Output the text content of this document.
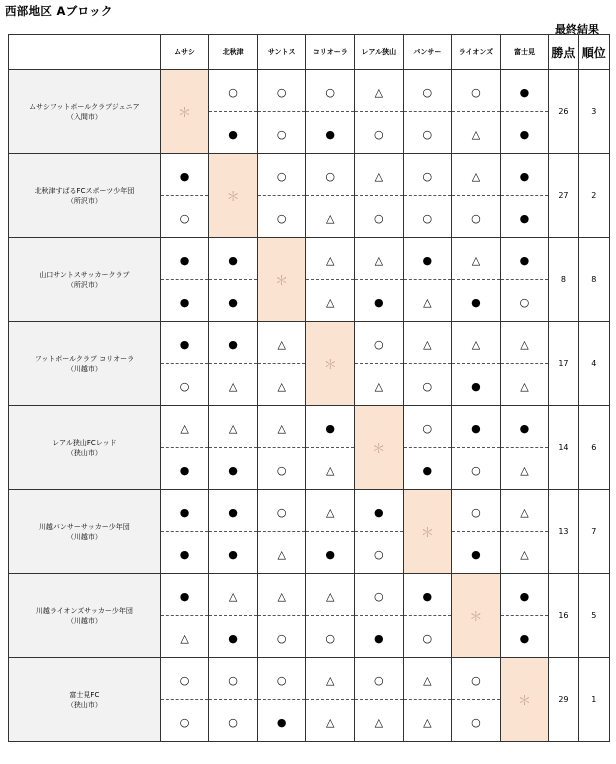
西部地区 Aブロック
最終結果
	ムサシ	北秋津	サントス	コリオーラ	レアル狭山	バンサー	ライオンズ	富士見	勝点	順位

ムサシフットボールクラブジュニア
（入間市）	＊	○	○	○	△	○	○	●	26	3
		●	○	●	○	○	△	●		

北秋津すばるFCスポーツ少年団
（所沢市）	●	＊	○	○	△	○	△	●	27	2
	○		○	△	○	○	○	●		

山口サントスサッカークラブ
（所沢市）	●	●	＊	△	△	●	△	●	8	8
	●	●		△	●	△	●	○		

フットボールクラブ コリオーラ
（川越市）	●	●	△	＊	○	△	△	△	17	4
	○	△	△		△	○	●	△		

レアル狭山FCレッド
（狭山市）	△	△	△	●	＊	○	●	●	14	6
	●	●	○	△		●	○	△		

川越バンサーサッカー少年団
（川越市）	●	●	○	△	●	＊	○	△	13	7
	●	●	△	●	○		●	△		

川越ライオンズサッカー少年団
（川越市）	●	△	△	△	○	●	＊	●	16	5
	△	●	○	○	●	○		●		

富士見FC
（狭山市）	○	○	○	△	○	△	○	＊	29	1
	○	○	●	△	△	△	○			
